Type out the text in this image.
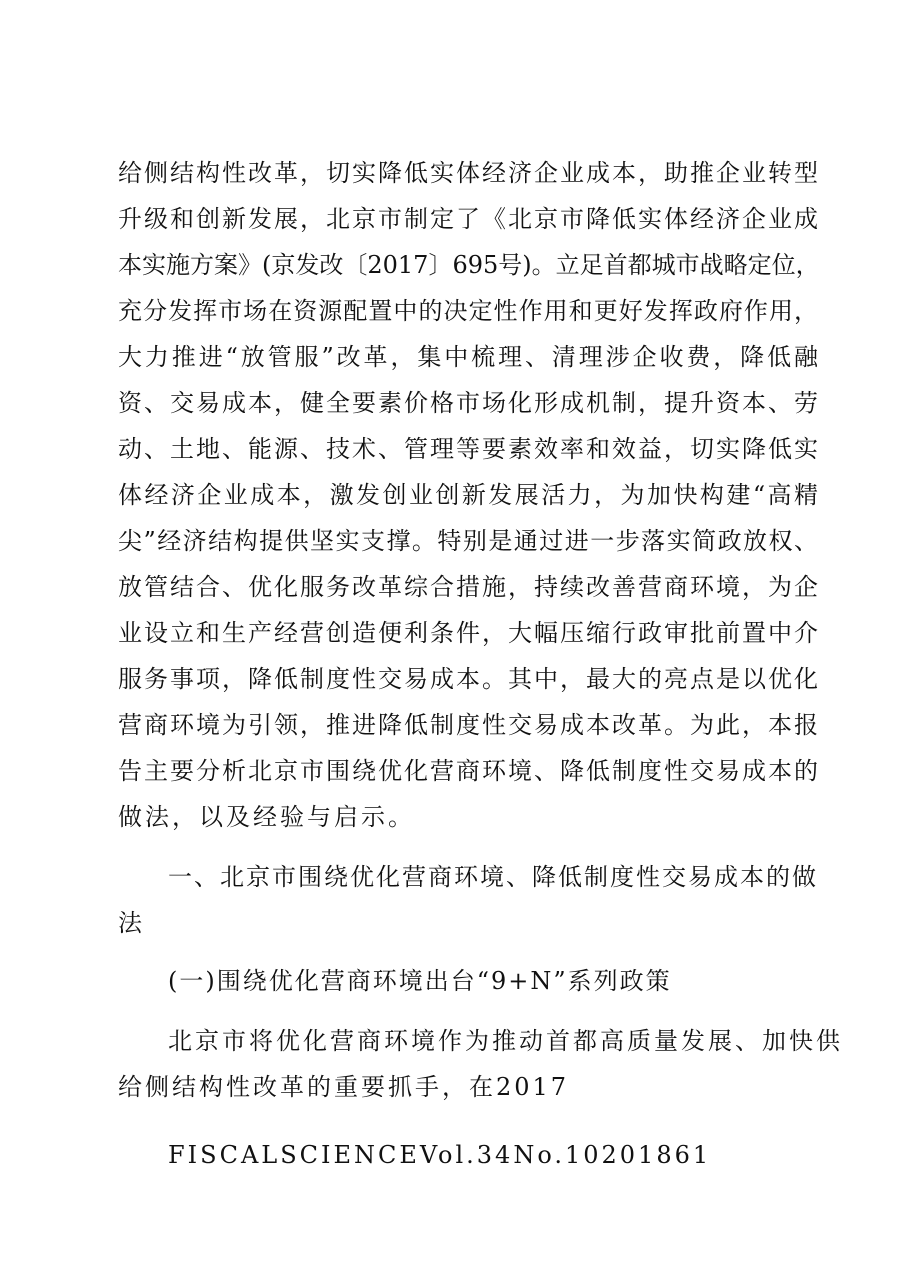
给侧结构性改革，切实降低实体经济企业成本，助推企业转型
升级和创新发展，北京市制定了《北京市降低实体经济企业成
本实施方案》(京发改〔2017〕695号)。立足首都城市战略定位，
充分发挥市场在资源配置中的决定性作用和更好发挥政府作用，
大力推进“放管服”改革，集中梳理、清理涉企收费，降低融
资、交易成本，健全要素价格市场化形成机制，提升资本、劳
动、土地、能源、技术、管理等要素效率和效益，切实降低实
体经济企业成本，激发创业创新发展活力，为加快构建“高精
尖”经济结构提供坚实支撑。特别是通过进一步落实简政放权、
放管结合、优化服务改革综合措施，持续改善营商环境，为企
业设立和生产经营创造便利条件，大幅压缩行政审批前置中介
服务事项，降低制度性交易成本。其中，最大的亮点是以优化
营商环境为引领，推进降低制度性交易成本改革。为此，本报
告主要分析北京市围绕优化营商环境、降低制度性交易成本的
做法，以及经验与启示。
一、北京市围绕优化营商环境、降低制度性交易成本的做
法
(一)围绕优化营商环境出台“9+N”系列政策
北京市将优化营商环境作为推动首都高质量发展、加快供
给侧结构性改革的重要抓手，在2017
FISCALSCIENCEVol.34No.10201861
